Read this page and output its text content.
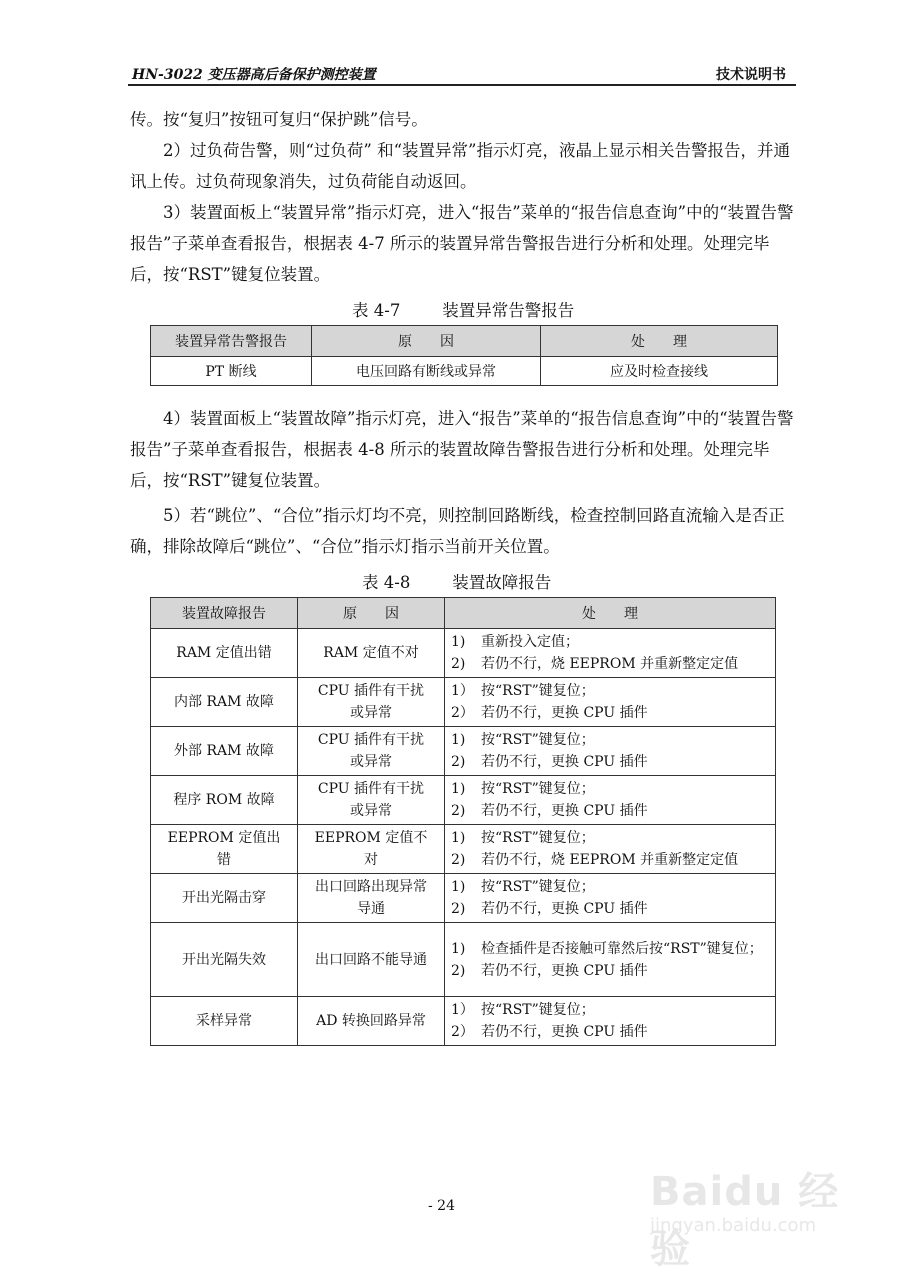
HN-3022 变压器高后备保护测控装置	技术说明书

传。按“复归”按钮可复归“保护跳”信号。

2）过负荷告警，则“过负荷” 和“装置异常”指示灯亮，液晶上显示相关告警报告，并通讯上传。过负荷现象消失，过负荷能自动返回。

3）装置面板上“装置异常”指示灯亮，进入“报告”菜单的“报告信息查询”中的“装置告警报告”子菜单查看报告，根据表 4-7 所示的装置异常告警报告进行分析和处理。处理完毕后，按“RST”键复位装置。

表 4-7        装置异常告警报告
装置异常告警报告	原　　因	处　　理
PT 断线	电压回路有断线或异常	应及时检查接线

4）装置面板上“装置故障”指示灯亮，进入“报告”菜单的“报告信息查询”中的“装置告警报告”子菜单查看报告，根据表 4-8 所示的装置故障告警报告进行分析和处理。处理完毕后，按“RST”键复位装置。

5）若“跳位”、“合位”指示灯均不亮，则控制回路断线，检查控制回路直流输入是否正确，排除故障后“跳位”、“合位”指示灯指示当前开关位置。

表 4-8        装置故障报告
装置故障报告	原　　因	处　　理
RAM 定值出错	RAM 定值不对	1) 重新投入定值；
2) 若仍不行，烧 EEPROM 并重新整定定值

内部 RAM 故障	CPU 插件有干扰或异常	1） 按“RST”键复位；
2） 若仍不行，更换 CPU 插件

外部 RAM 故障	CPU 插件有干扰或异常	1) 按“RST”键复位；
2) 若仍不行，更换 CPU 插件

程序 ROM 故障	CPU 插件有干扰或异常	1) 按“RST”键复位；
2) 若仍不行，更换 CPU 插件

EEPROM 定值出错	EEPROM 定值不对	1) 按“RST”键复位；
2) 若仍不行，烧 EEPROM 并重新整定定值

开出光隔击穿	出口回路出现异常导通	1) 按“RST”键复位；
2) 若仍不行，更换 CPU 插件

开出光隔失效	出口回路不能导通	1) 检查插件是否接触可靠然后按“RST”键复位；
2) 若仍不行，更换 CPU 插件

采样异常	AD 转换回路异常	1） 按“RST”键复位；
2） 若仍不行，更换 CPU 插件
- 24	Baidu 经验
jingyan.baidu.com
